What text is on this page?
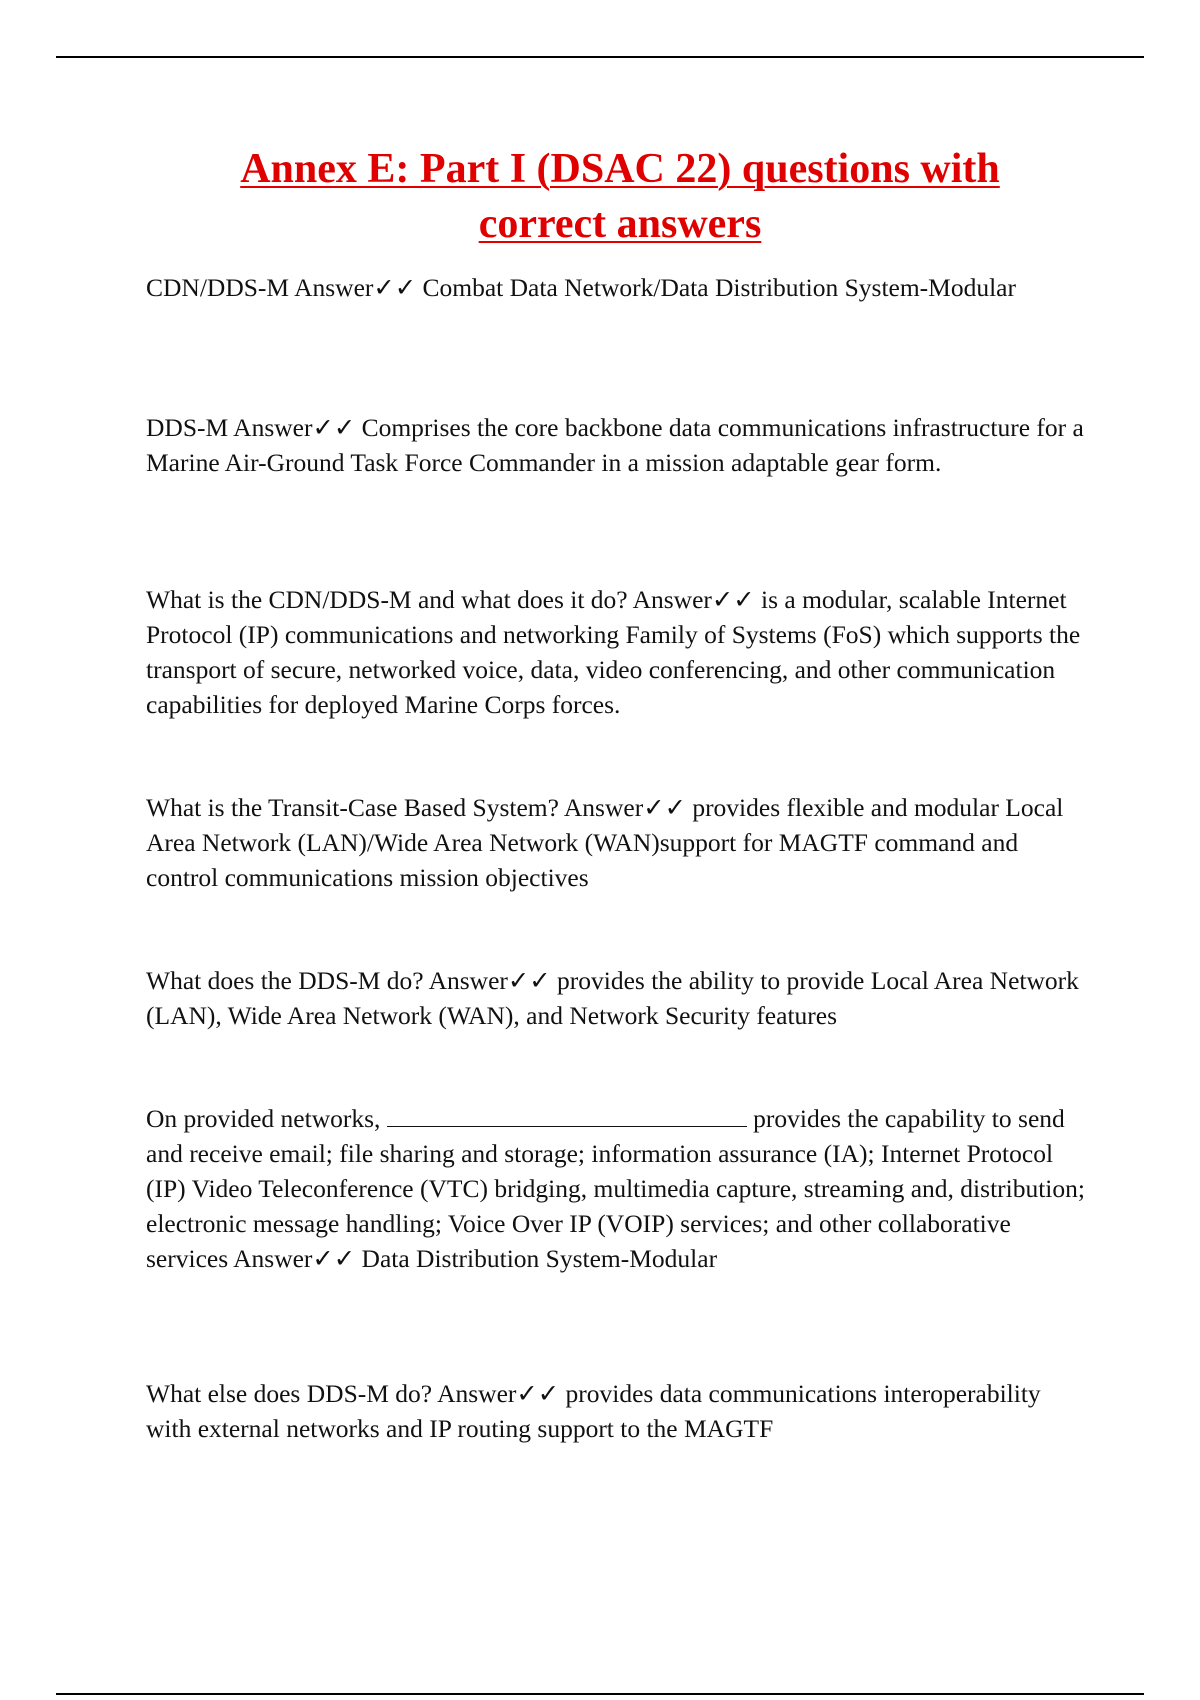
Annex E: Part I (DSAC 22) questions with
correct answers
CDN/DDS-M Answer✓✓ Combat Data Network/Data Distribution System-Modular
DDS-M Answer✓✓ Comprises the core backbone data communications infrastructure for a Marine Air-Ground Task Force Commander in a mission adaptable gear form.
What is the CDN/DDS-M and what does it do? Answer✓✓ is a modular, scalable Internet Protocol (IP) communications and networking Family of Systems (FoS) which supports the transport of secure, networked voice, data, video conferencing, and other communication capabilities for deployed Marine Corps forces.
What is the Transit-Case Based System? Answer✓✓ provides flexible and modular Local Area Network (LAN)/Wide Area Network (WAN)support for MAGTF command and control communications mission objectives
What does the DDS-M do? Answer✓✓ provides the ability to provide Local Area Network (LAN), Wide Area Network (WAN), and Network Security features
On provided networks,	provides the capability to send and receive email; file sharing and storage; information assurance (IA); Internet Protocol (IP) Video Teleconference (VTC) bridging, multimedia capture, streaming and, distribution; electronic message handling; Voice Over IP (VOIP) services; and other collaborative services Answer✓✓ Data Distribution System-Modular
What else does DDS-M do? Answer✓✓ provides data communications interoperability with external networks and IP routing support to the MAGTF
